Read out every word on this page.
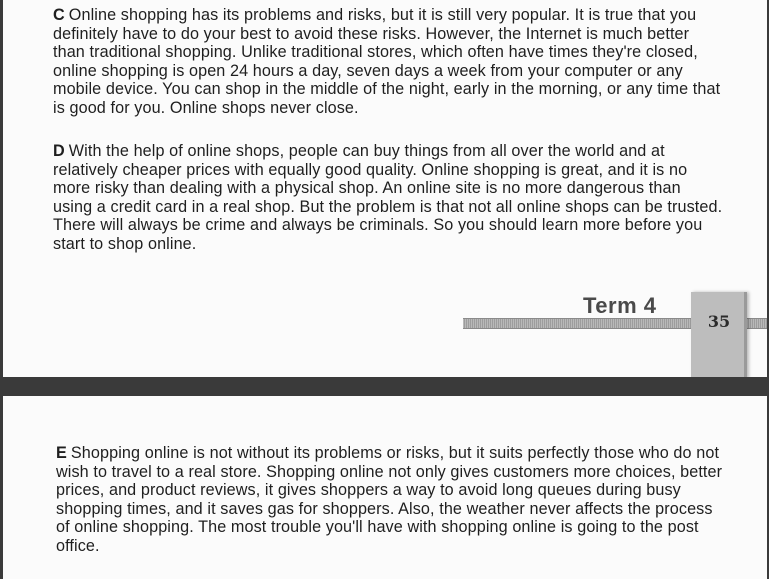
C Online shopping has its problems and risks, but it is still very popular. It is true that you definitely have to do your best to avoid these risks. However, the Internet is much better than traditional shopping. Unlike traditional stores, which often have times they're closed, online shopping is open 24 hours a day, seven days a week from your computer or any mobile device. You can shop in the middle of the night, early in the morning, or any time that is good for you. Online shops never close.

D With the help of online shops, people can buy things from all over the world and at relatively cheaper prices with equally good quality. Online shopping is great, and it is no more risky than dealing with a physical shop. An online site is no more dangerous than using a credit card in a real shop. But the problem is that not all online shops can be trusted. There will always be crime and always be criminals. So you should learn more before you start to shop online.

Term 4
35

E Shopping online is not without its problems or risks, but it suits perfectly those who do not wish to travel to a real store. Shopping online not only gives customers more choices, better prices, and product reviews, it gives shoppers a way to avoid long queues during busy shopping times, and it saves gas for shoppers. Also, the weather never affects the process of online shopping. The most trouble you'll have with shopping online is going to the post office.
